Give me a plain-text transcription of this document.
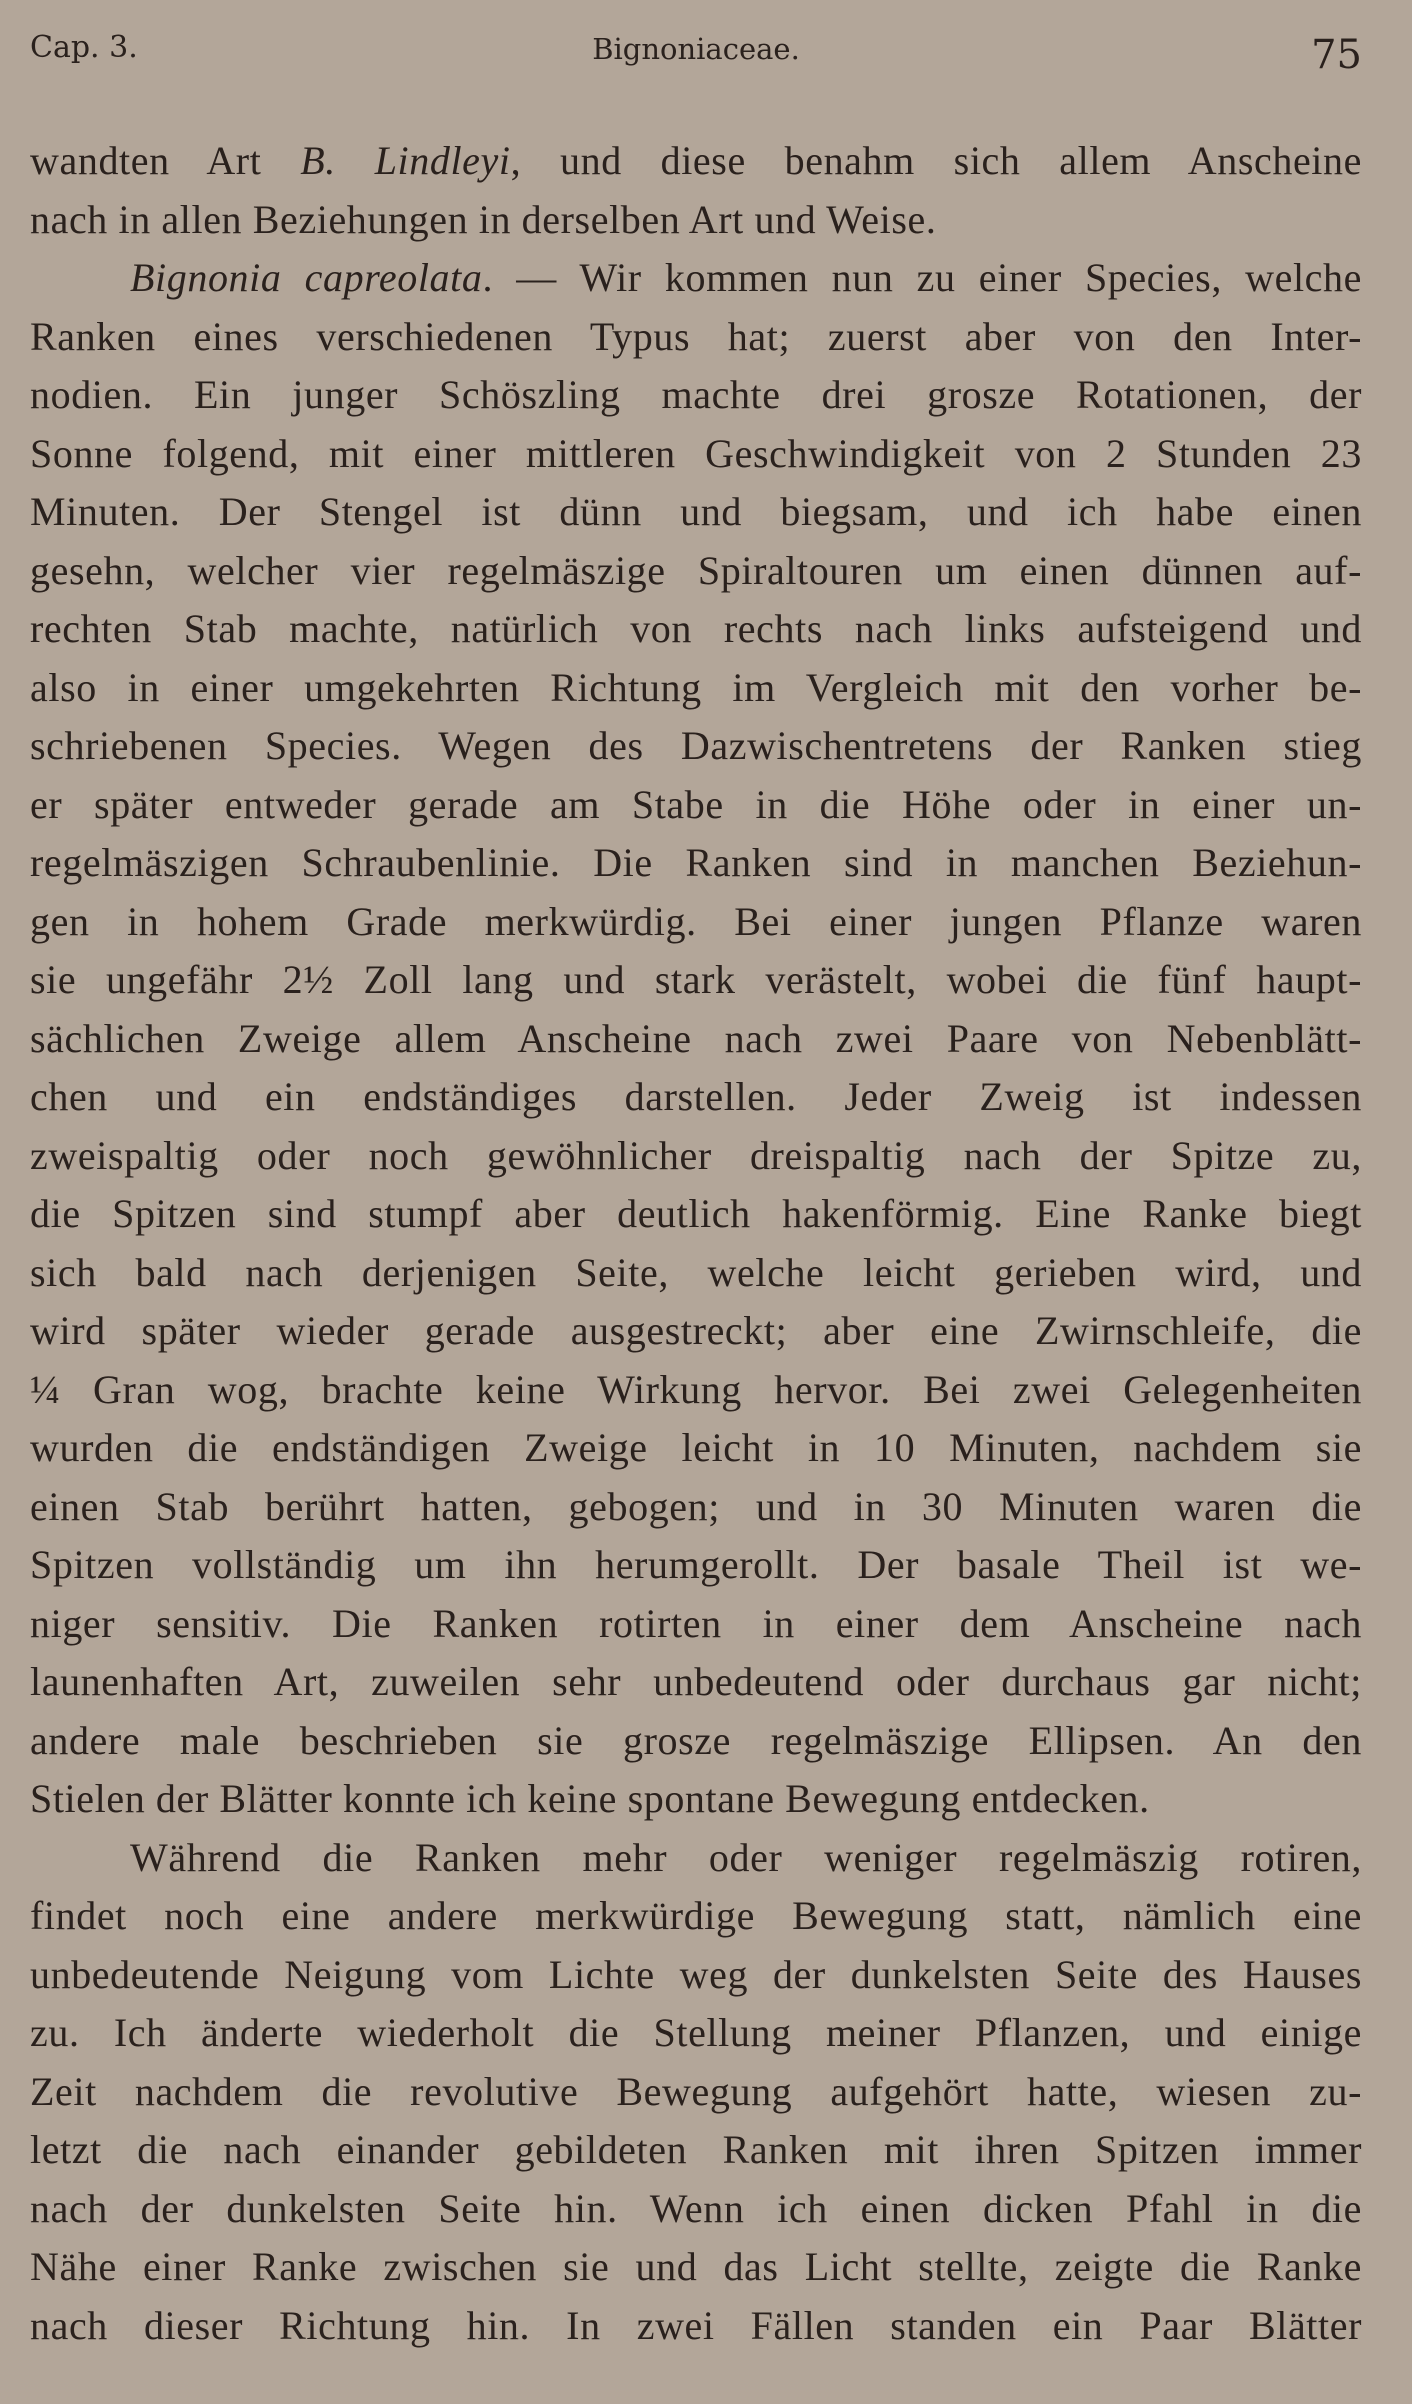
Cap. 3.	Bignoniaceae.	75
wandten Art B. Lindleyi, und diese benahm sich allem Anscheine
nach in allen Beziehungen in derselben Art und Weise.
Bignonia capreolata. — Wir kommen nun zu einer Species, welche
Ranken eines verschiedenen Typus hat; zuerst aber von den Inter-
nodien. Ein junger Schöszling machte drei grosze Rotationen, der
Sonne folgend, mit einer mittleren Geschwindigkeit von 2 Stunden 23
Minuten. Der Stengel ist dünn und biegsam, und ich habe einen
gesehn, welcher vier regelmäszige Spiraltouren um einen dünnen auf-
rechten Stab machte, natürlich von rechts nach links aufsteigend und
also in einer umgekehrten Richtung im Vergleich mit den vorher be-
schriebenen Species. Wegen des Dazwischentretens der Ranken stieg
er später entweder gerade am Stabe in die Höhe oder in einer un-
regelmäszigen Schraubenlinie. Die Ranken sind in manchen Beziehun-
gen in hohem Grade merkwürdig. Bei einer jungen Pflanze waren
sie ungefähr 2½ Zoll lang und stark verästelt, wobei die fünf haupt-
sächlichen Zweige allem Anscheine nach zwei Paare von Nebenblätt-
chen und ein endständiges darstellen. Jeder Zweig ist indessen
zweispaltig oder noch gewöhnlicher dreispaltig nach der Spitze zu,
die Spitzen sind stumpf aber deutlich hakenförmig. Eine Ranke biegt
sich bald nach derjenigen Seite, welche leicht gerieben wird, und
wird später wieder gerade ausgestreckt; aber eine Zwirnschleife, die
¼ Gran wog, brachte keine Wirkung hervor. Bei zwei Gelegenheiten
wurden die endständigen Zweige leicht in 10 Minuten, nachdem sie
einen Stab berührt hatten, gebogen; und in 30 Minuten waren die
Spitzen vollständig um ihn herumgerollt. Der basale Theil ist we-
niger sensitiv. Die Ranken rotirten in einer dem Anscheine nach
launenhaften Art, zuweilen sehr unbedeutend oder durchaus gar nicht;
andere male beschrieben sie grosze regelmäszige Ellipsen. An den
Stielen der Blätter konnte ich keine spontane Bewegung entdecken.
Während die Ranken mehr oder weniger regelmäszig rotiren,
findet noch eine andere merkwürdige Bewegung statt, nämlich eine
unbedeutende Neigung vom Lichte weg der dunkelsten Seite des Hauses
zu. Ich änderte wiederholt die Stellung meiner Pflanzen, und einige
Zeit nachdem die revolutive Bewegung aufgehört hatte, wiesen zu-
letzt die nach einander gebildeten Ranken mit ihren Spitzen immer
nach der dunkelsten Seite hin. Wenn ich einen dicken Pfahl in die
Nähe einer Ranke zwischen sie und das Licht stellte, zeigte die Ranke
nach dieser Richtung hin. In zwei Fällen standen ein Paar Blätter
